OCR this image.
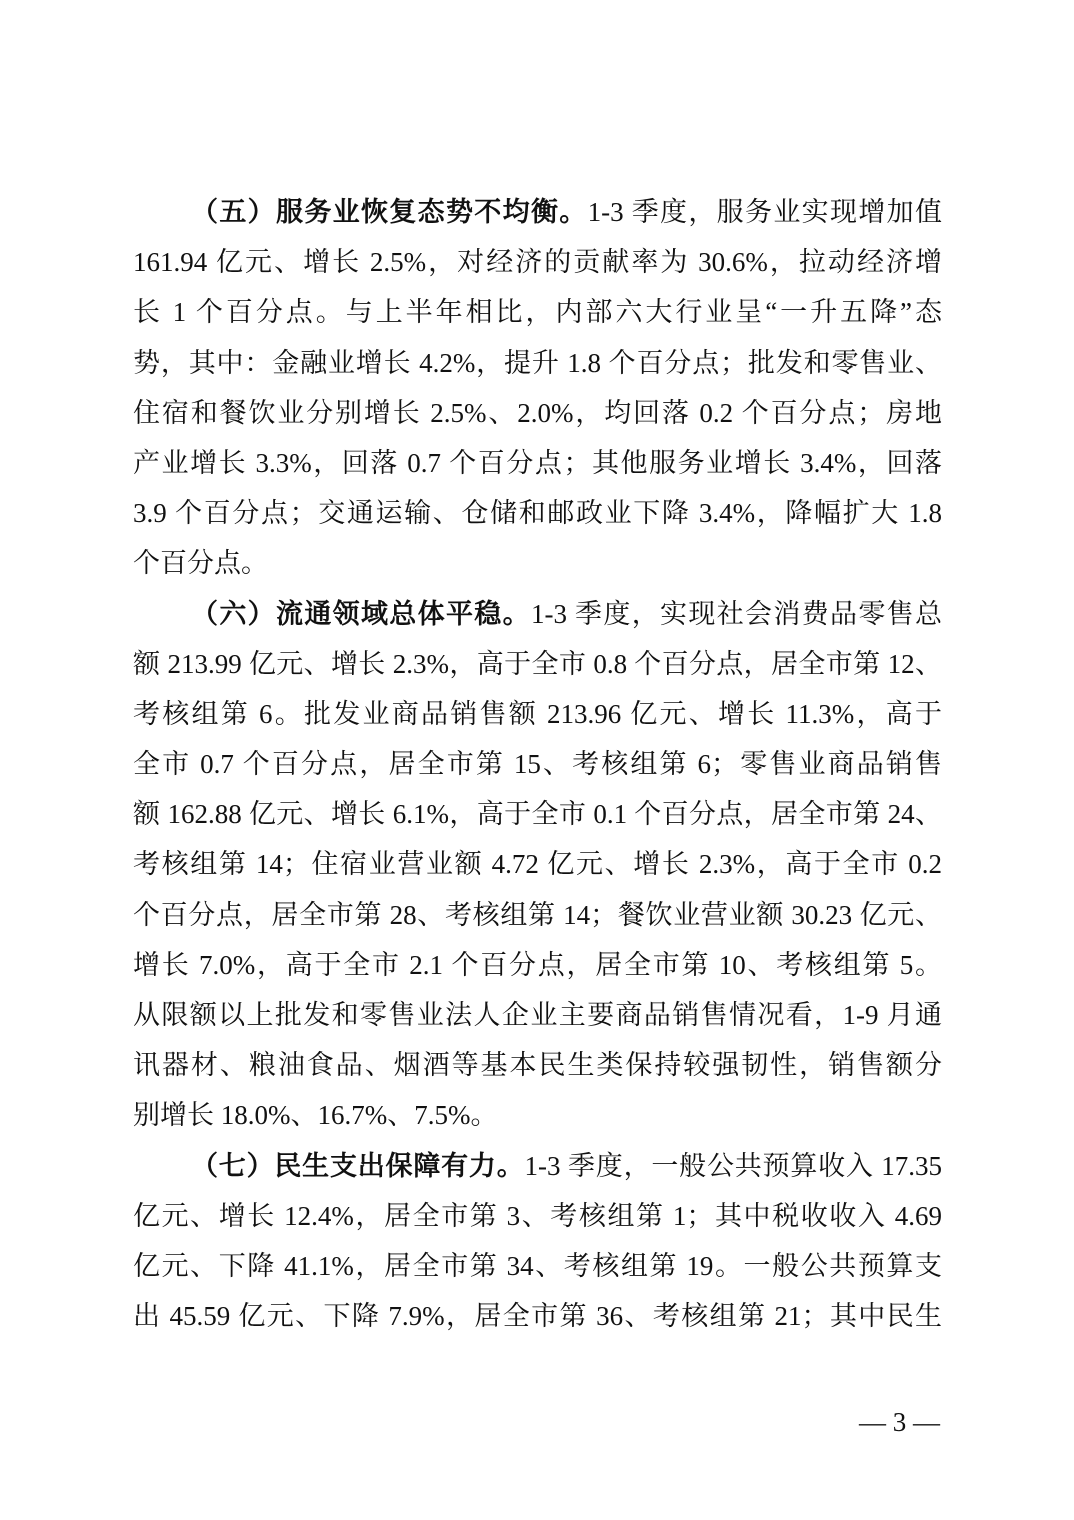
（五）服务业恢复态势不均衡。1-3 季度，服务业实现增加值
161.94 亿元、增长 2.5%，对经济的贡献率为 30.6%，拉动经济增
长 1 个百分点。与上半年相比，内部六大行业呈“一升五降”态
势，其中：金融业增长 4.2%，提升 1.8 个百分点；批发和零售业、
住宿和餐饮业分别增长 2.5%、2.0%，均回落 0.2 个百分点；房地
产业增长 3.3%，回落 0.7 个百分点；其他服务业增长 3.4%，回落
3.9 个百分点；交通运输、仓储和邮政业下降 3.4%，降幅扩大 1.8
个百分点。
（六）流通领域总体平稳。1-3 季度，实现社会消费品零售总
额 213.99 亿元、增长 2.3%，高于全市 0.8 个百分点，居全市第 12、
考核组第 6。批发业商品销售额 213.96 亿元、增长 11.3%，高于
全市 0.7 个百分点，居全市第 15、考核组第 6；零售业商品销售
额 162.88 亿元、增长 6.1%，高于全市 0.1 个百分点，居全市第 24、
考核组第 14；住宿业营业额 4.72 亿元、增长 2.3%，高于全市 0.2
个百分点，居全市第 28、考核组第 14；餐饮业营业额 30.23 亿元、
增长 7.0%，高于全市 2.1 个百分点，居全市第 10、考核组第 5。
从限额以上批发和零售业法人企业主要商品销售情况看，1-9 月通
讯器材、粮油食品、烟酒等基本民生类保持较强韧性，销售额分
别增长 18.0%、16.7%、7.5%。
（七）民生支出保障有力。1-3 季度，一般公共预算收入 17.35
亿元、增长 12.4%，居全市第 3、考核组第 1；其中税收收入 4.69
亿元、下降 41.1%，居全市第 34、考核组第 19。一般公共预算支
出 45.59 亿元、下降 7.9%，居全市第 36、考核组第 21；其中民生
— 3 —
